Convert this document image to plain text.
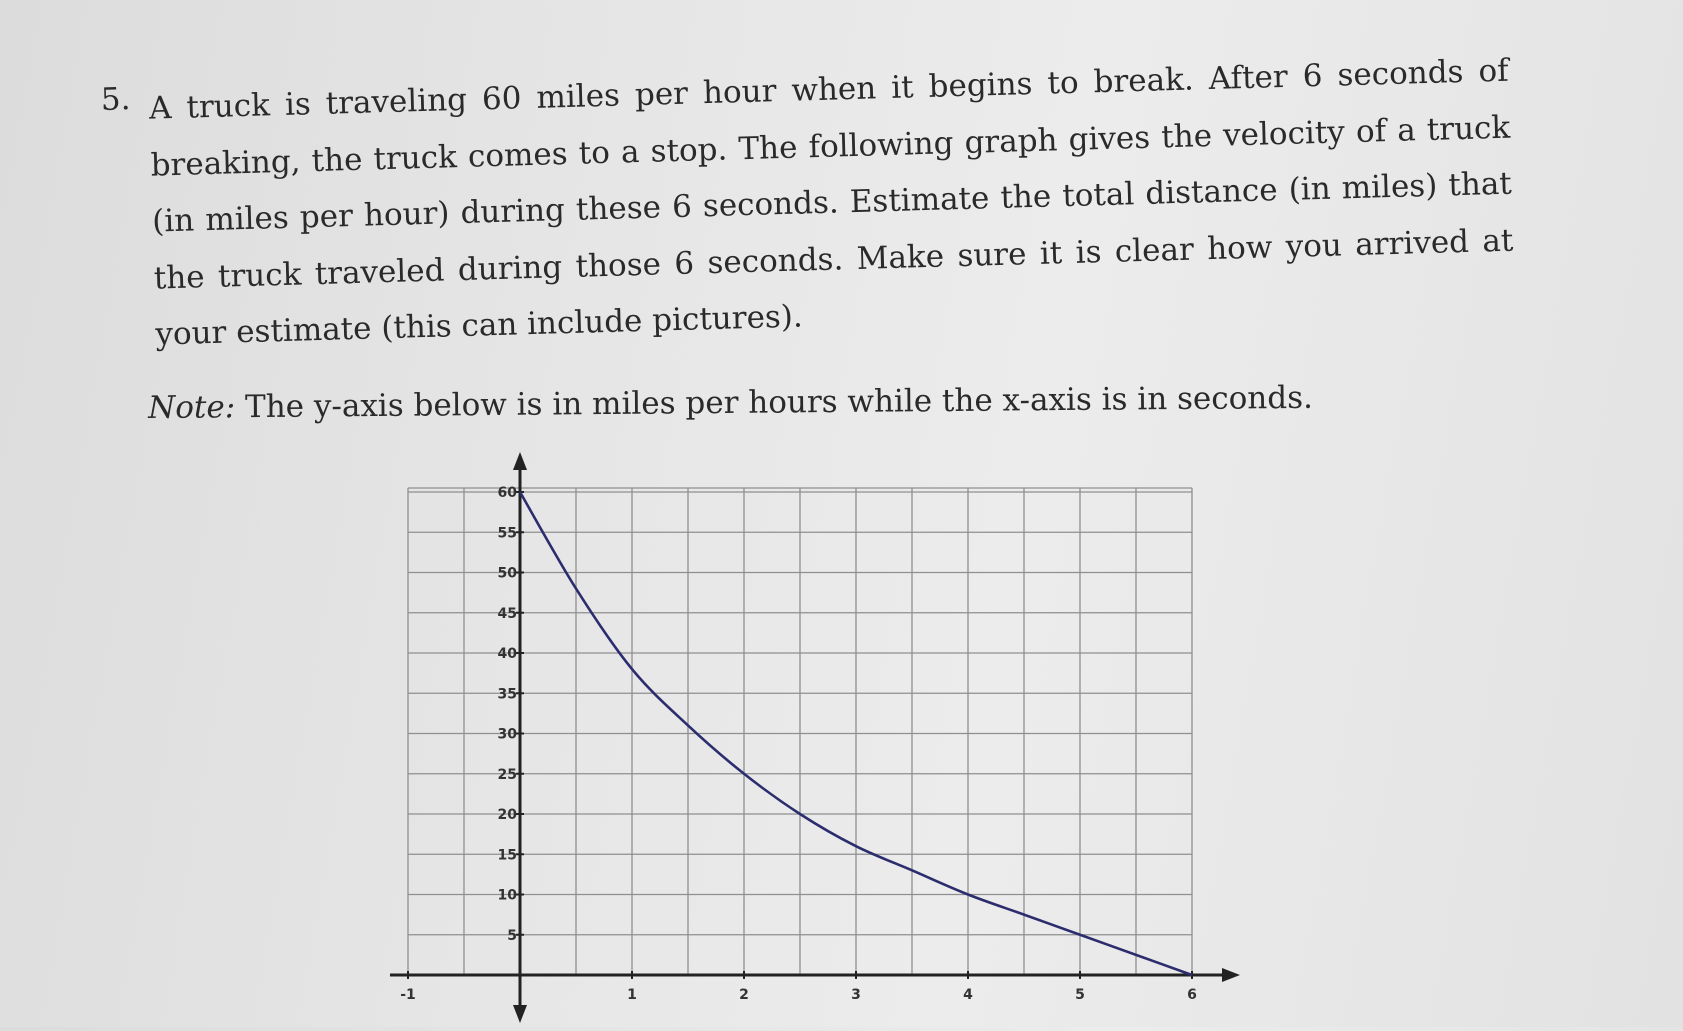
5. A truck is traveling 60 miles per hour when it begins to break. After 6 seconds of breaking, the truck comes to a stop. The following graph gives the velocity of a truck (in miles per hour) during these 6 seconds. Estimate the total distance (in miles) that the truck traveled during those 6 seconds. Make sure it is clear how you arrived at your estimate (this can include pictures).
Note: The y-axis below is in miles per hours while the x-axis is in seconds.
-1	1	2	3	4	5	6
5
10
15
20
25
30
35
40
45
50
55
60
